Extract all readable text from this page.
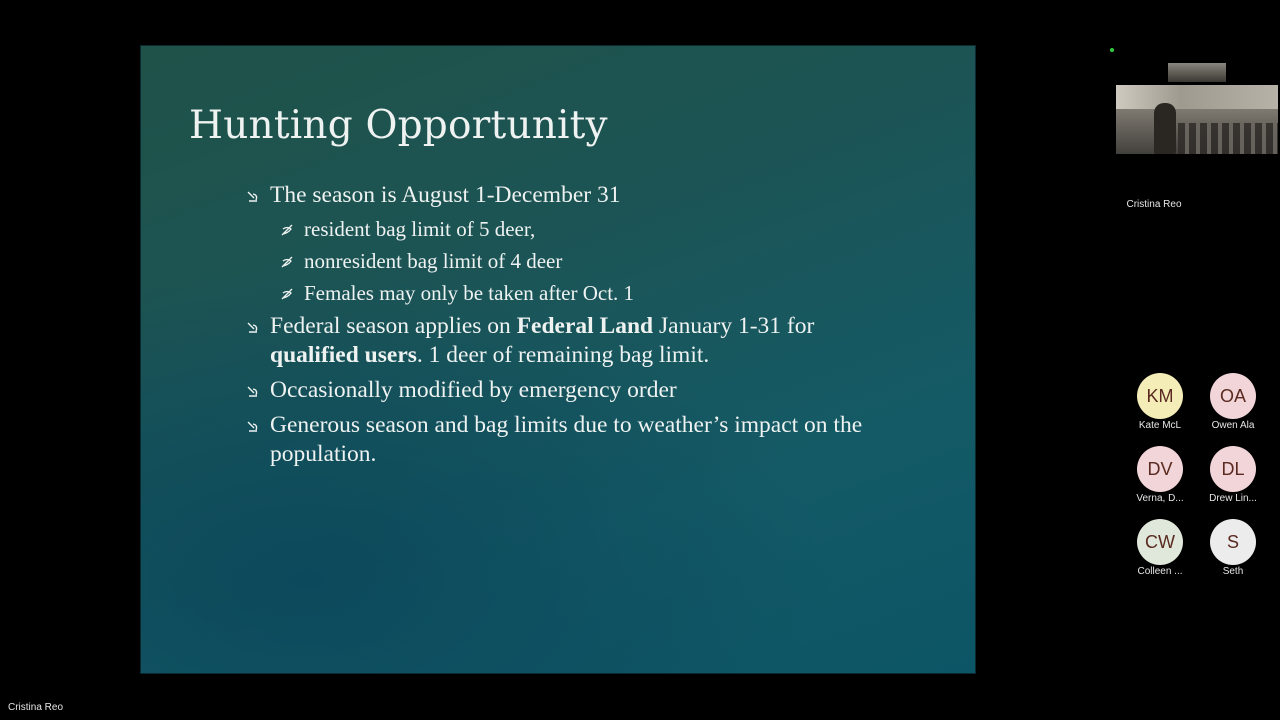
Hunting Opportunity
The season is August 1-December 31
resident bag limit of 5 deer,
nonresident bag limit of 4 deer
Females may only be taken after Oct. 1
Federal season applies on Federal Land January 1-31 for qualified users. 1 deer of remaining bag limit.
Occasionally modified by emergency order
Generous season and bag limits due to weather’s impact on the population.
Cristina Reo
KM
Kate McL
OA
Owen Ala
DV
Verna, D...
DL
Drew Lin...
CW
Colleen ...
S
Seth
Cristina Reo
